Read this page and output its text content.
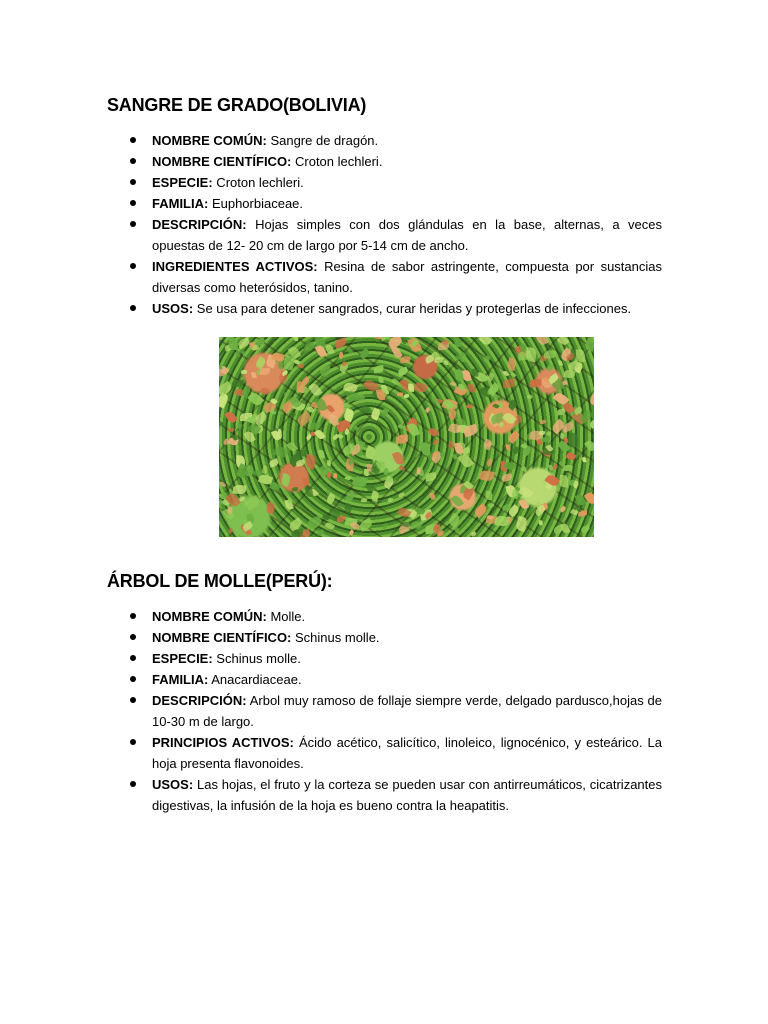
SANGRE DE GRADO(BOLIVIA)
NOMBRE COMÚN: Sangre de dragón.
NOMBRE CIENTÍFICO: Croton lechleri.
ESPECIE: Croton lechleri.
FAMILIA: Euphorbiaceae.
DESCRIPCIÓN: Hojas simples con dos glándulas en la base, alternas, a veces opuestas de 12- 20 cm de largo por 5-14 cm de ancho.
INGREDIENTES ACTIVOS: Resina de sabor astringente, compuesta por sustancias diversas como heterósidos, tanino.
USOS: Se usa para detener sangrados, curar heridas y protegerlas de infecciones.
ÁRBOL DE MOLLE(PERÚ):
NOMBRE COMÚN: Molle.
NOMBRE CIENTÍFICO: Schinus molle.
ESPECIE: Schinus molle.
FAMILIA: Anacardiaceae.
DESCRIPCIÓN: Arbol muy ramoso de follaje siempre verde, delgado pardusco,hojas de 10-30 m de largo.
PRINCIPIOS ACTIVOS: Ácido acético, salicítico, linoleico, lignocénico, y esteárico. La hoja presenta flavonoides.
USOS: Las hojas, el fruto y la corteza se pueden usar con antirreumáticos, cicatrizantes digestivas, la infusión de la hoja es bueno contra la heapatitis.
